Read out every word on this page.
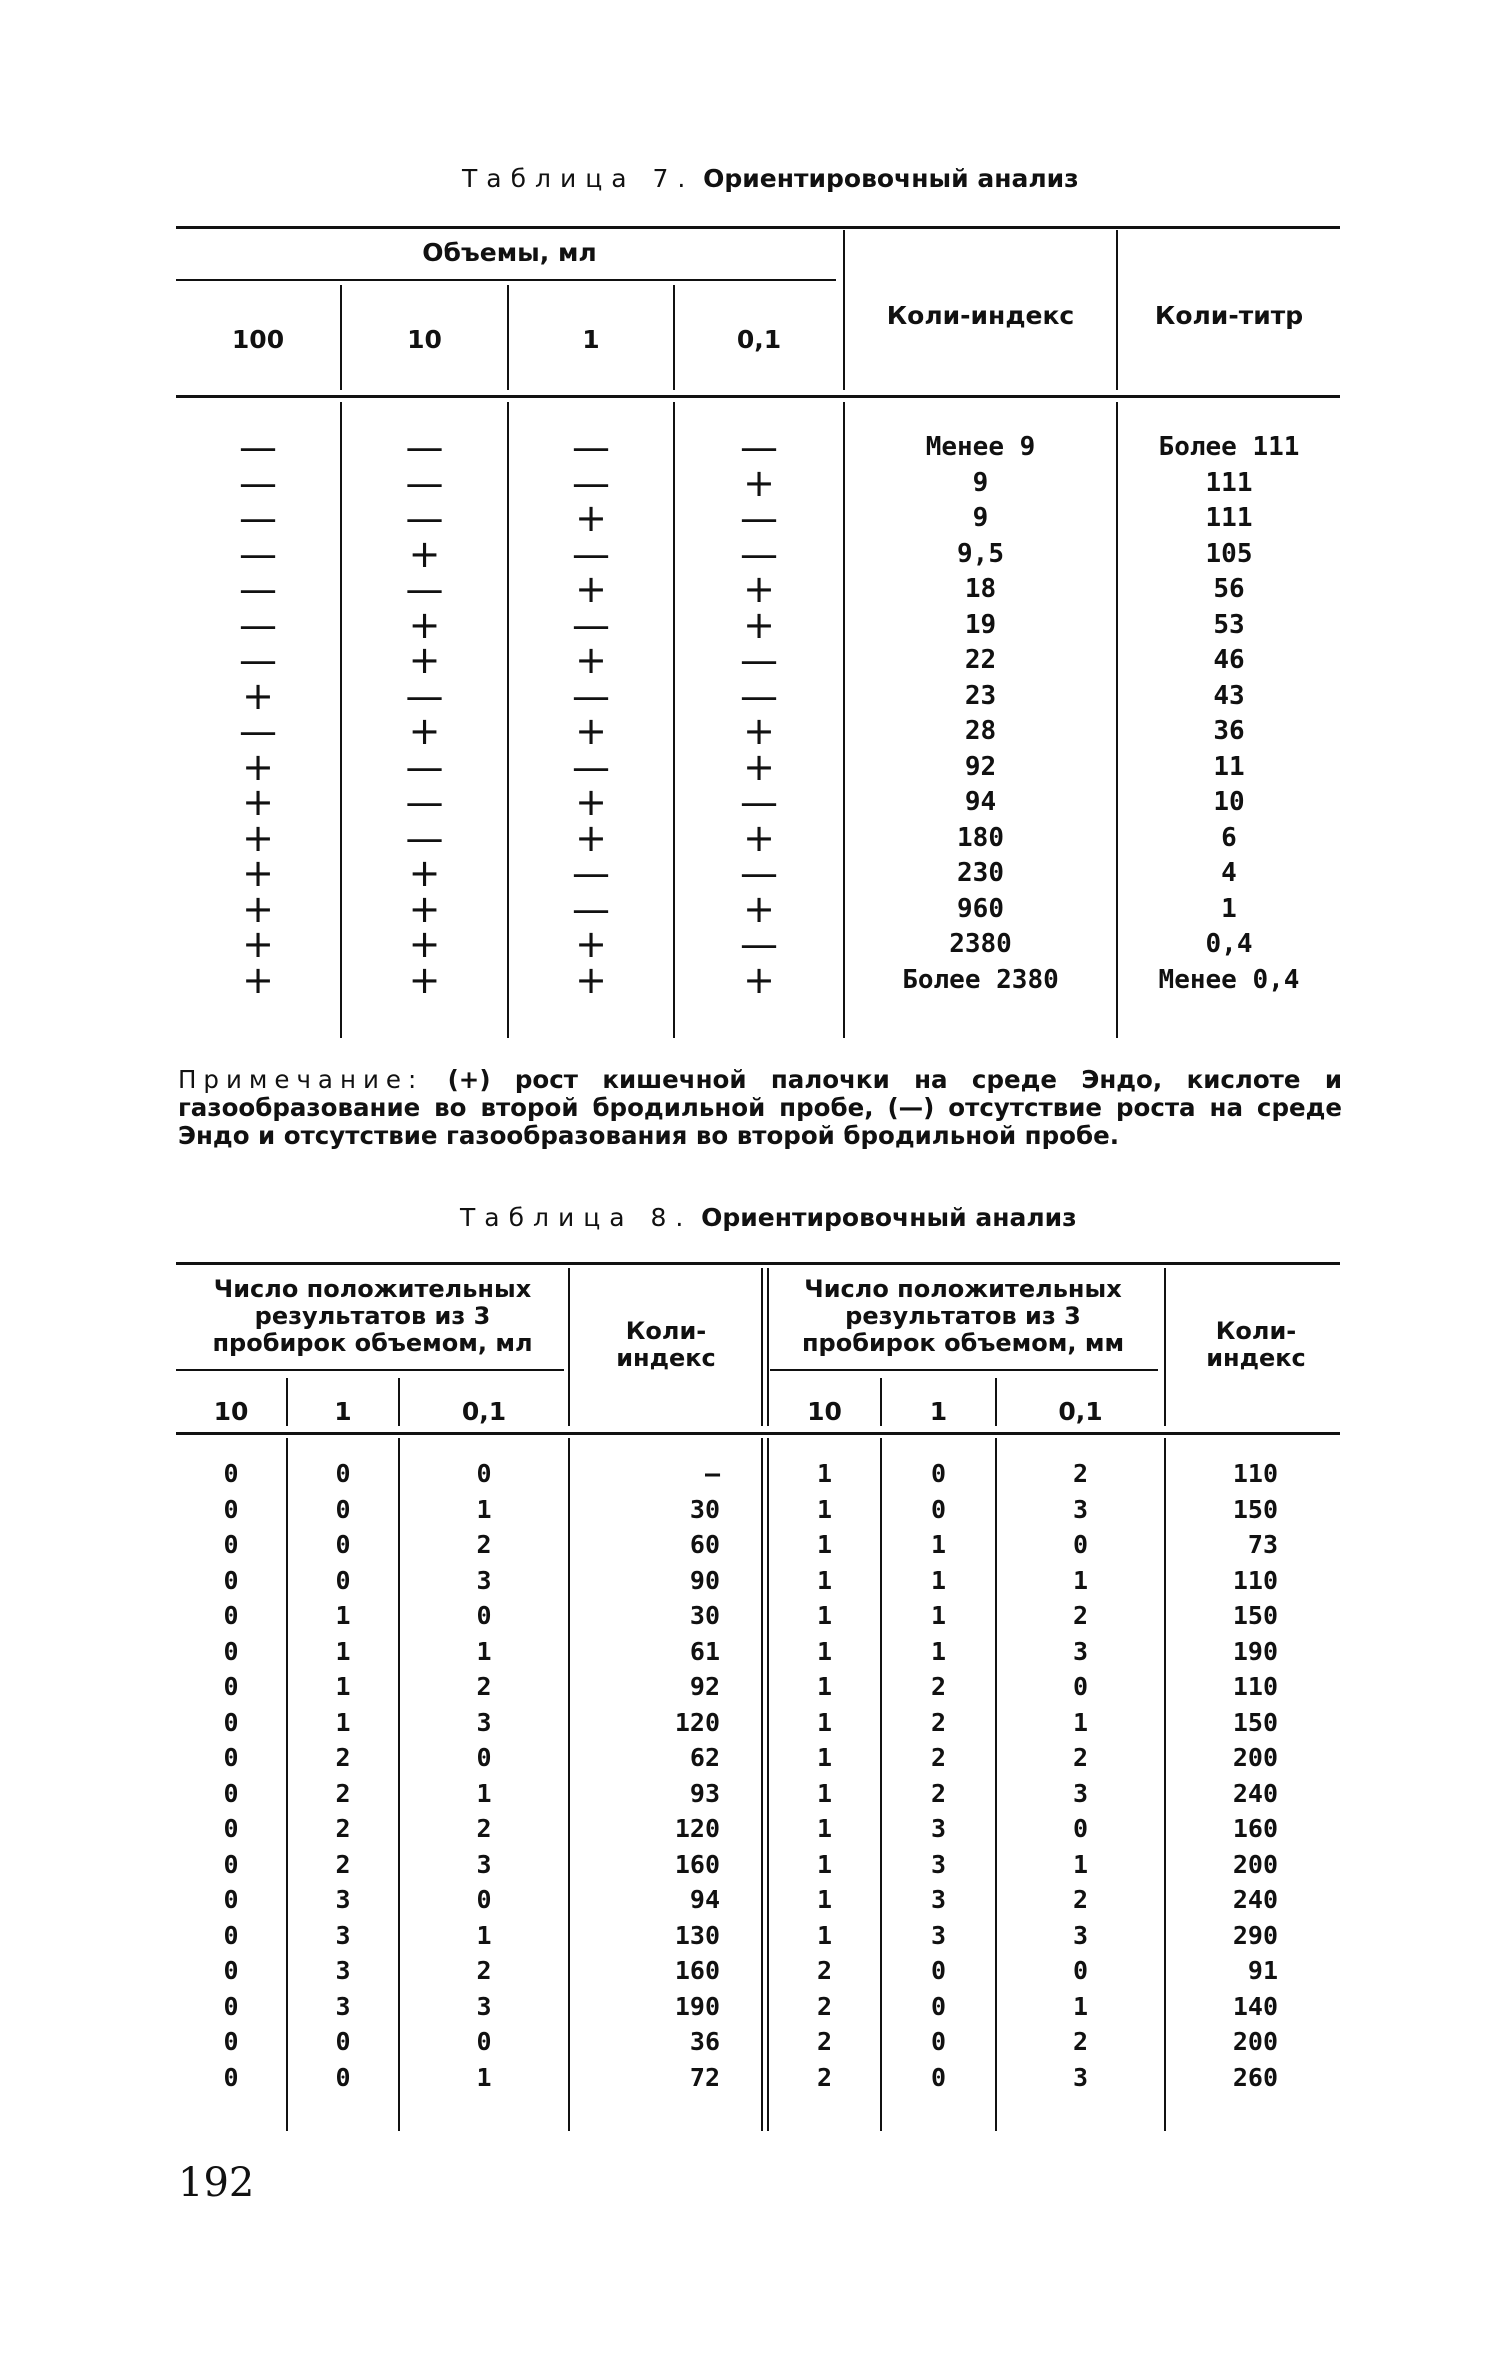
Таблица 7. Ориентировочный анализ
Объемы, мл
100	10	1	0,1
Коли-индекс	Коли-титр
—	—	—	—	Менее 9	Более 111
—	—	—	+	9	111
—	—	+	—	9	111
—	+	—	—	9,5	105
—	—	+	+	18	56
—	+	—	+	19	53
—	+	+	—	22	46
+	—	—	—	23	43
—	+	+	+	28	36
+	—	—	+	92	11
+	—	+	—	94	10
+	—	+	+	180	6
+	+	—	—	230	4
+	+	—	+	960	1
+	+	+	—	2380	0,4
+	+	+	+	Более 2380	Менее 0,4
Примечание: (+) рост кишечной палочки на среде Эндо, кислоте и газообразование во второй бродильной пробе, (—) отсутствие роста на среде Эндо и отсутствие газообразования во второй бродильной пробе.
Таблица 8. Ориентировочный анализ
Число положительных результатов из 3 пробирок объемом, мл	Коли-индекс
Число положительных результатов из 3 пробирок объемом, мм	Коли-индекс
10	1	0,1	10	1	0,1
0	0	0	—	1	0	2	110
0	0	1	30	1	0	3	150
0	0	2	60	1	1	0	73
0	0	3	90	1	1	1	110
0	1	0	30	1	1	2	150
0	1	1	61	1	1	3	190
0	1	2	92	1	2	0	110
0	1	3	120	1	2	1	150
0	2	0	62	1	2	2	200
0	2	1	93	1	2	3	240
0	2	2	120	1	3	0	160
0	2	3	160	1	3	1	200
0	3	0	94	1	3	2	240
0	3	1	130	1	3	3	290
0	3	2	160	2	0	0	91
0	3	3	190	2	0	1	140
0	0	0	36	2	0	2	200
0	0	1	72	2	0	3	260
192
